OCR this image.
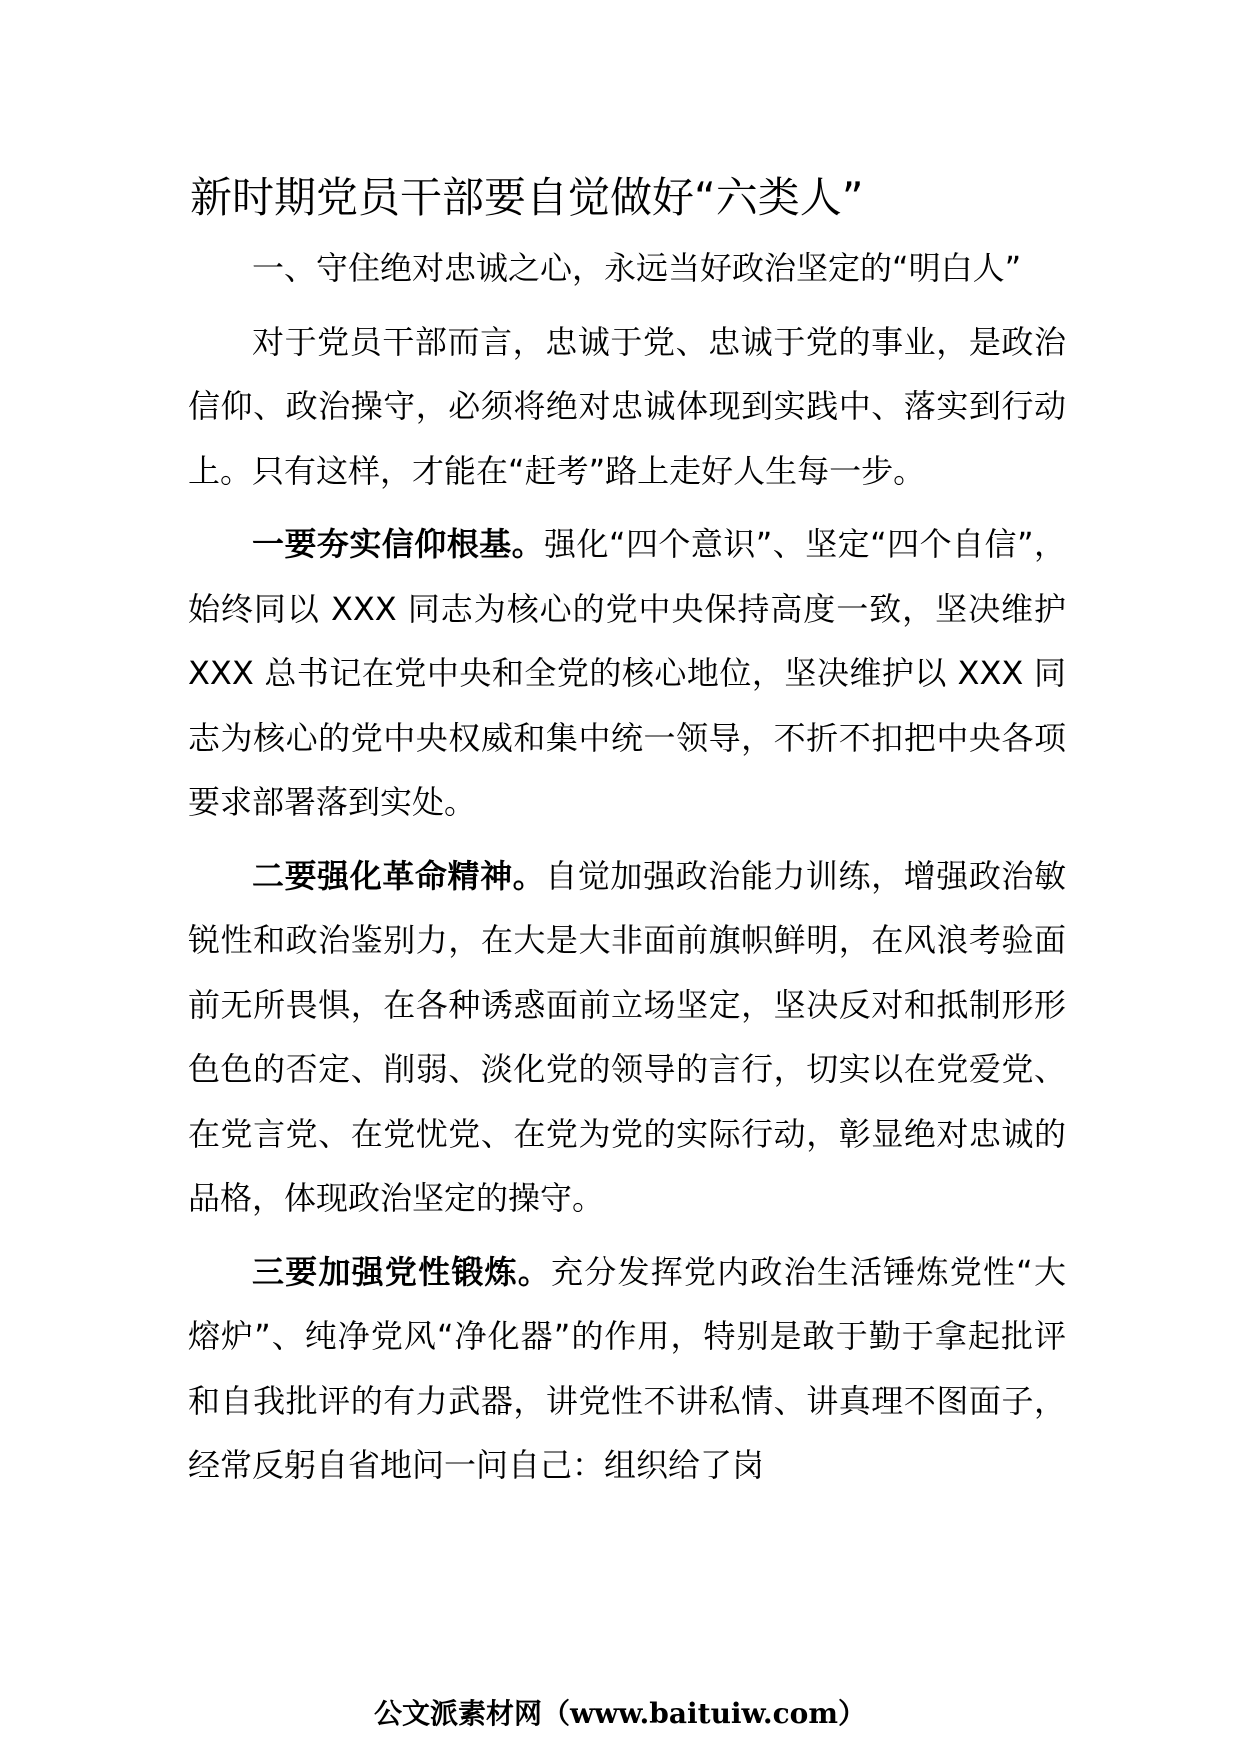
新时期党员干部要自觉做好“六类人”

一、守住绝对忠诚之心，永远当好政治坚定的“明白人”

对于党员干部而言，忠诚于党、忠诚于党的事业，是政治信仰、政治操守，必须将绝对忠诚体现到实践中、落实到行动上。只有这样，才能在“赶考”路上走好人生每一步。

一要夯实信仰根基。强化“四个意识”、坚定“四个自信”，始终同以 XXX 同志为核心的党中央保持高度一致，坚决维护 XXX 总书记在党中央和全党的核心地位，坚决维护以 XXX 同志为核心的党中央权威和集中统一领导，不折不扣把中央各项要求部署落到实处。

二要强化革命精神。自觉加强政治能力训练，增强政治敏锐性和政治鉴别力，在大是大非面前旗帜鲜明，在风浪考验面前无所畏惧，在各种诱惑面前立场坚定，坚决反对和抵制形形色色的否定、削弱、淡化党的领导的言行，切实以在党爱党、在党言党、在党忧党、在党为党的实际行动，彰显绝对忠诚的品格，体现政治坚定的操守。

三要加强党性锻炼。充分发挥党内政治生活锤炼党性“大熔炉”、纯净党风“净化器”的作用，特别是敢于勤于拿起批评和自我批评的有力武器，讲党性不讲私情、讲真理不图面子，经常反躬自省地问一问自己：组织给了岗

公文派素材网（www.baituiw.com）
